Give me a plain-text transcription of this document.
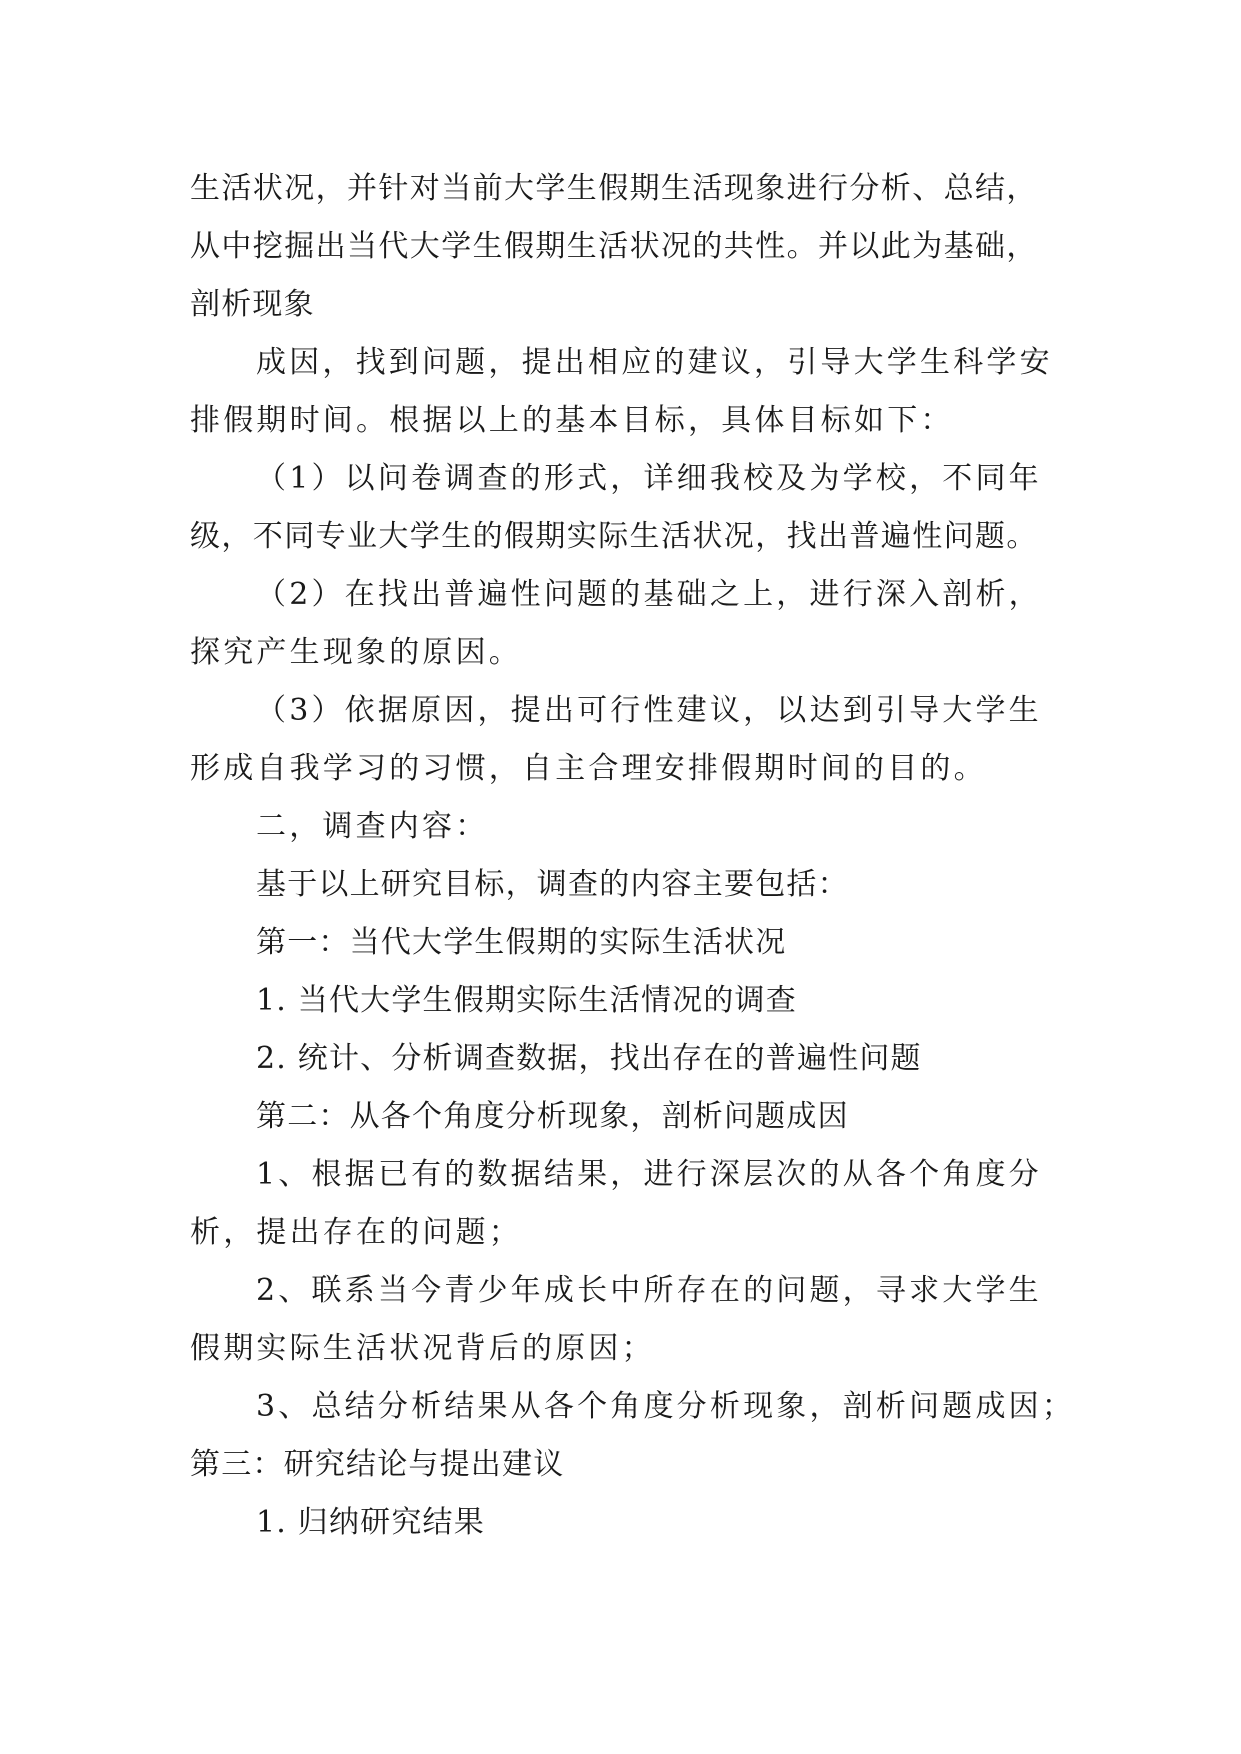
生活状况，并针对当前大学生假期生活现象进行分析、总结，

从中挖掘出当代大学生假期生活状况的共性。并以此为基础，

剖析现象

成因，找到问题，提出相应的建议，引导大学生科学安

排假期时间。根据以上的基本目标，具体目标如下：

（1）以问卷调查的形式，详细我校及为学校，不同年

级，不同专业大学生的假期实际生活状况，找出普遍性问题。

（2）在找出普遍性问题的基础之上，进行深入剖析，

探究产生现象的原因。

（3）依据原因，提出可行性建议，以达到引导大学生

形成自我学习的习惯，自主合理安排假期时间的目的。

二，调查内容：

基于以上研究目标，调查的内容主要包括：

第一：当代大学生假期的实际生活状况

1. 当代大学生假期实际生活情况的调查

2. 统计、分析调查数据，找出存在的普遍性问题

第二：从各个角度分析现象，剖析问题成因

1、根据已有的数据结果，进行深层次的从各个角度分

析，提出存在的问题；

2、联系当今青少年成长中所存在的问题，寻求大学生

假期实际生活状况背后的原因；

3、总结分析结果从各个角度分析现象，剖析问题成因；

第三：研究结论与提出建议

1. 归纳研究结果
